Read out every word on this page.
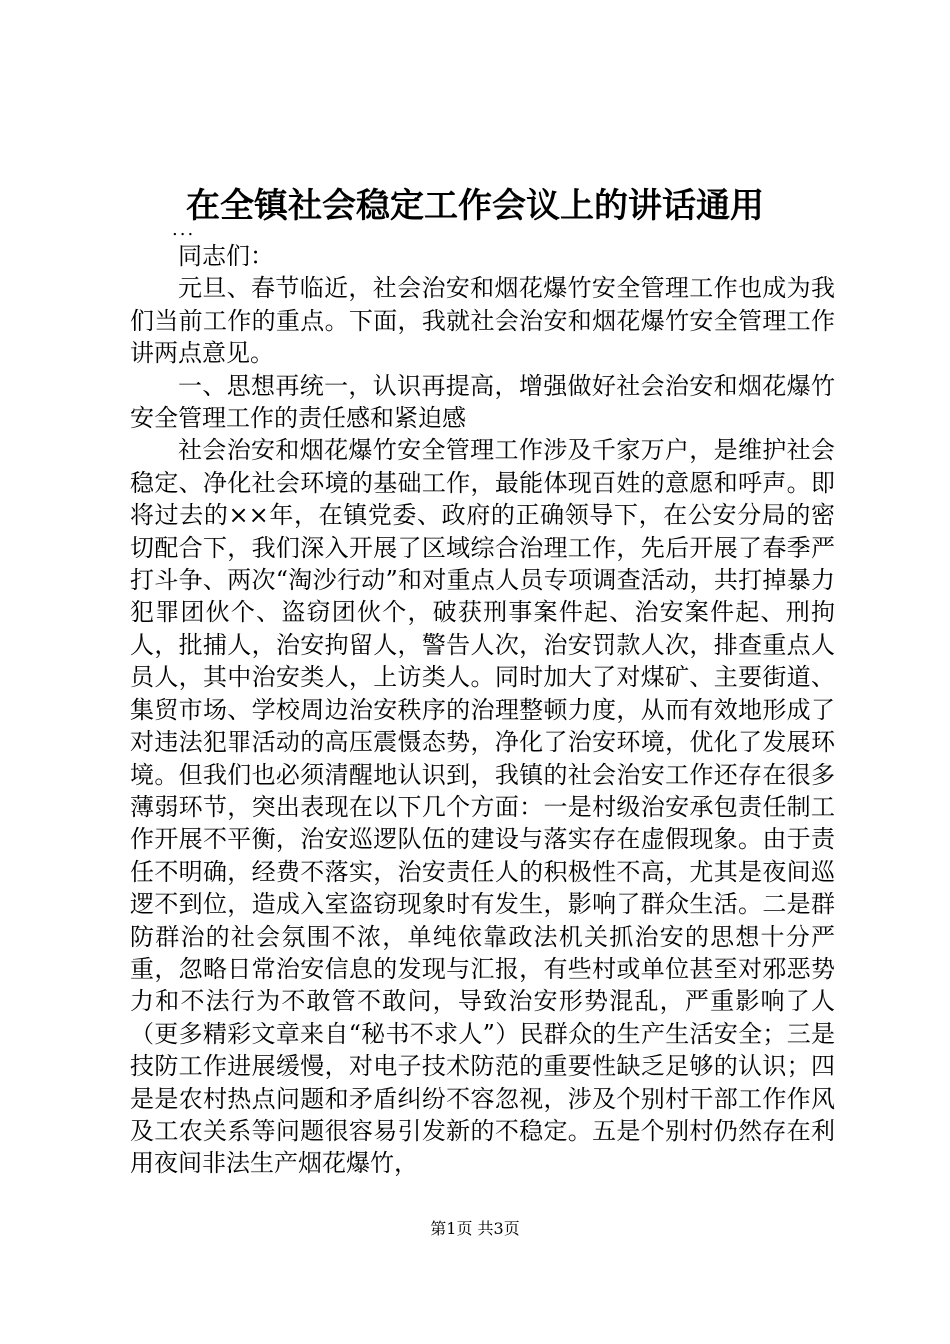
在全镇社会稳定工作会议上的讲话通用
...

同志们：

元旦、春节临近，社会治安和烟花爆竹安全管理工作也成为我们当前工作的重点。下面，我就社会治安和烟花爆竹安全管理工作讲两点意见。

一、思想再统一，认识再提高，增强做好社会治安和烟花爆竹安全管理工作的责任感和紧迫感

社会治安和烟花爆竹安全管理工作涉及千家万户，是维护社会稳定、净化社会环境的基础工作，最能体现百姓的意愿和呼声。即将过去的××年，在镇党委、政府的正确领导下，在公安分局的密切配合下，我们深入开展了区域综合治理工作，先后开展了春季严打斗争、两次“淘沙行动”和对重点人员专项调查活动，共打掉暴力犯罪团伙个、盗窃团伙个，破获刑事案件起、治安案件起、刑拘人，批捕人，治安拘留人，警告人次，治安罚款人次，排查重点人员人，其中治安类人，上访类人。同时加大了对煤矿、主要街道、集贸市场、学校周边治安秩序的治理整顿力度，从而有效地形成了对违法犯罪活动的高压震慑态势，净化了治安环境，优化了发展环境。但我们也必须清醒地认识到，我镇的社会治安工作还存在很多薄弱环节，突出表现在以下几个方面：一是村级治安承包责任制工作开展不平衡，治安巡逻队伍的建设与落实存在虚假现象。由于责任不明确，经费不落实，治安责任人的积极性不高，尤其是夜间巡逻不到位，造成入室盗窃现象时有发生，影响了群众生活。二是群防群治的社会氛围不浓，单纯依靠政法机关抓治安的思想十分严重，忽略日常治安信息的发现与汇报，有些村或单位甚至对邪恶势力和不法行为不敢管不敢问，导致治安形势混乱，严重影响了人（更多精彩文章来自“秘书不求人”）民群众的生产生活安全；三是技防工作进展缓慢，对电子技术防范的重要性缺乏足够的认识；四是是农村热点问题和矛盾纠纷不容忽视，涉及个别村干部工作作风及工农关系等问题很容易引发新的不稳定。五是个别村仍然存在利用夜间非法生产烟花爆竹，

第1页 共3页
